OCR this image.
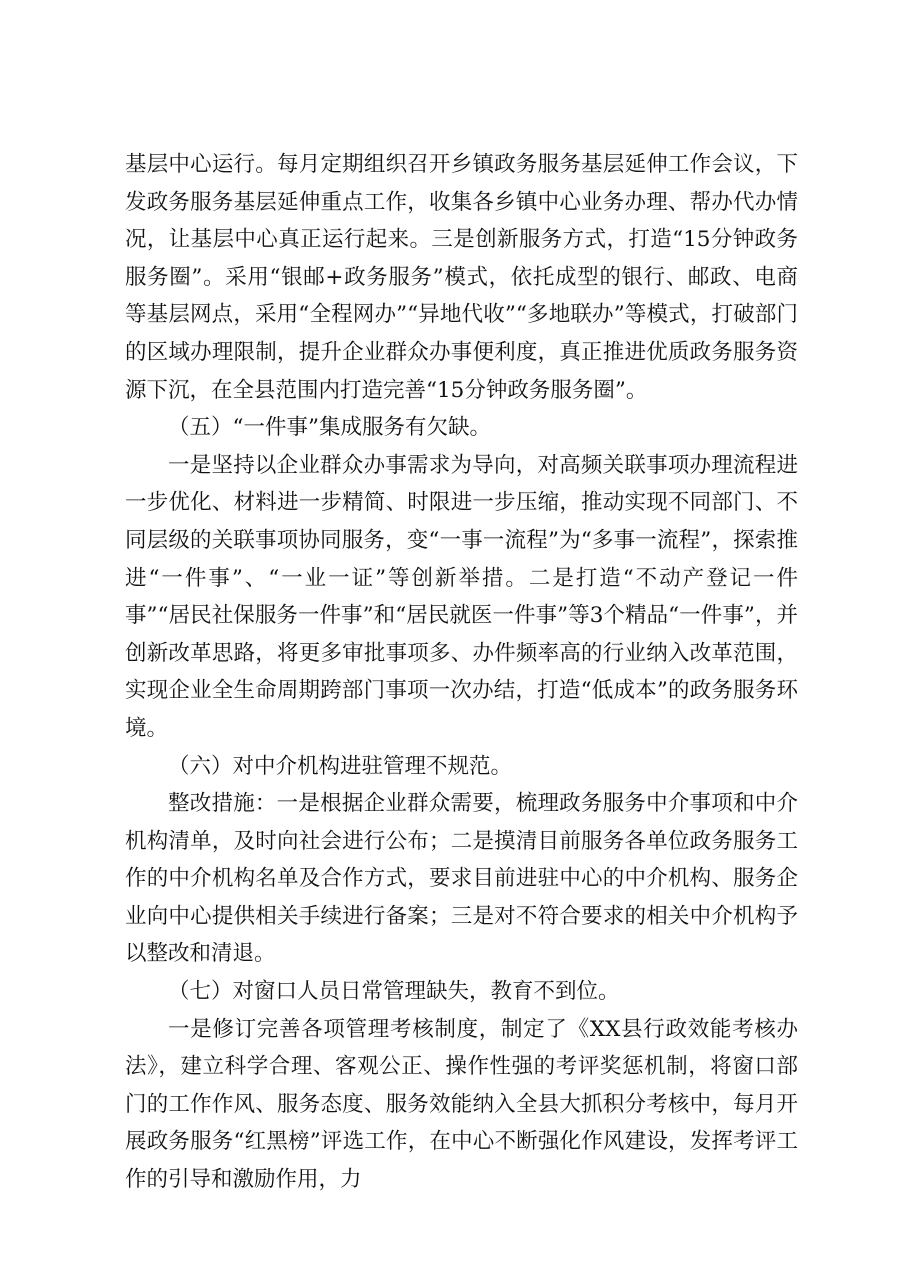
基层中心运行。每月定期组织召开乡镇政务服务基层延伸工作会议，下发政务服务基层延伸重点工作，收集各乡镇中心业务办理、帮办代办情况，让基层中心真正运行起来。三是创新服务方式，打造“15分钟政务服务圈”。采用“银邮+政务服务”模式，依托成型的银行、邮政、电商等基层网点，采用“全程网办”“异地代收”“多地联办”等模式，打破部门的区域办理限制，提升企业群众办事便利度，真正推进优质政务服务资源下沉，在全县范围内打造完善“15分钟政务服务圈”。

（五）“一件事”集成服务有欠缺。

一是坚持以企业群众办事需求为导向，对高频关联事项办理流程进一步优化、材料进一步精简、时限进一步压缩，推动实现不同部门、不同层级的关联事项协同服务，变“一事一流程”为“多事一流程”，探索推进“一件事”、“一业一证”等创新举措。二是打造“不动产登记一件事”“居民社保服务一件事”和“居民就医一件事”等3个精品“一件事”，并创新改革思路，将更多审批事项多、办件频率高的行业纳入改革范围，实现企业全生命周期跨部门事项一次办结，打造“低成本”的政务服务环境。

（六）对中介机构进驻管理不规范。

整改措施：一是根据企业群众需要，梳理政务服务中介事项和中介机构清单，及时向社会进行公布；二是摸清目前服务各单位政务服务工作的中介机构名单及合作方式，要求目前进驻中心的中介机构、服务企业向中心提供相关手续进行备案；三是对不符合要求的相关中介机构予以整改和清退。

（七）对窗口人员日常管理缺失，教育不到位。

一是修订完善各项管理考核制度，制定了《XX县行政效能考核办法》，建立科学合理、客观公正、操作性强的考评奖惩机制，将窗口部门的工作作风、服务态度、服务效能纳入全县大抓积分考核中，每月开展政务服务“红黑榜”评选工作，在中心不断强化作风建设，发挥考评工作的引导和激励作用，力
